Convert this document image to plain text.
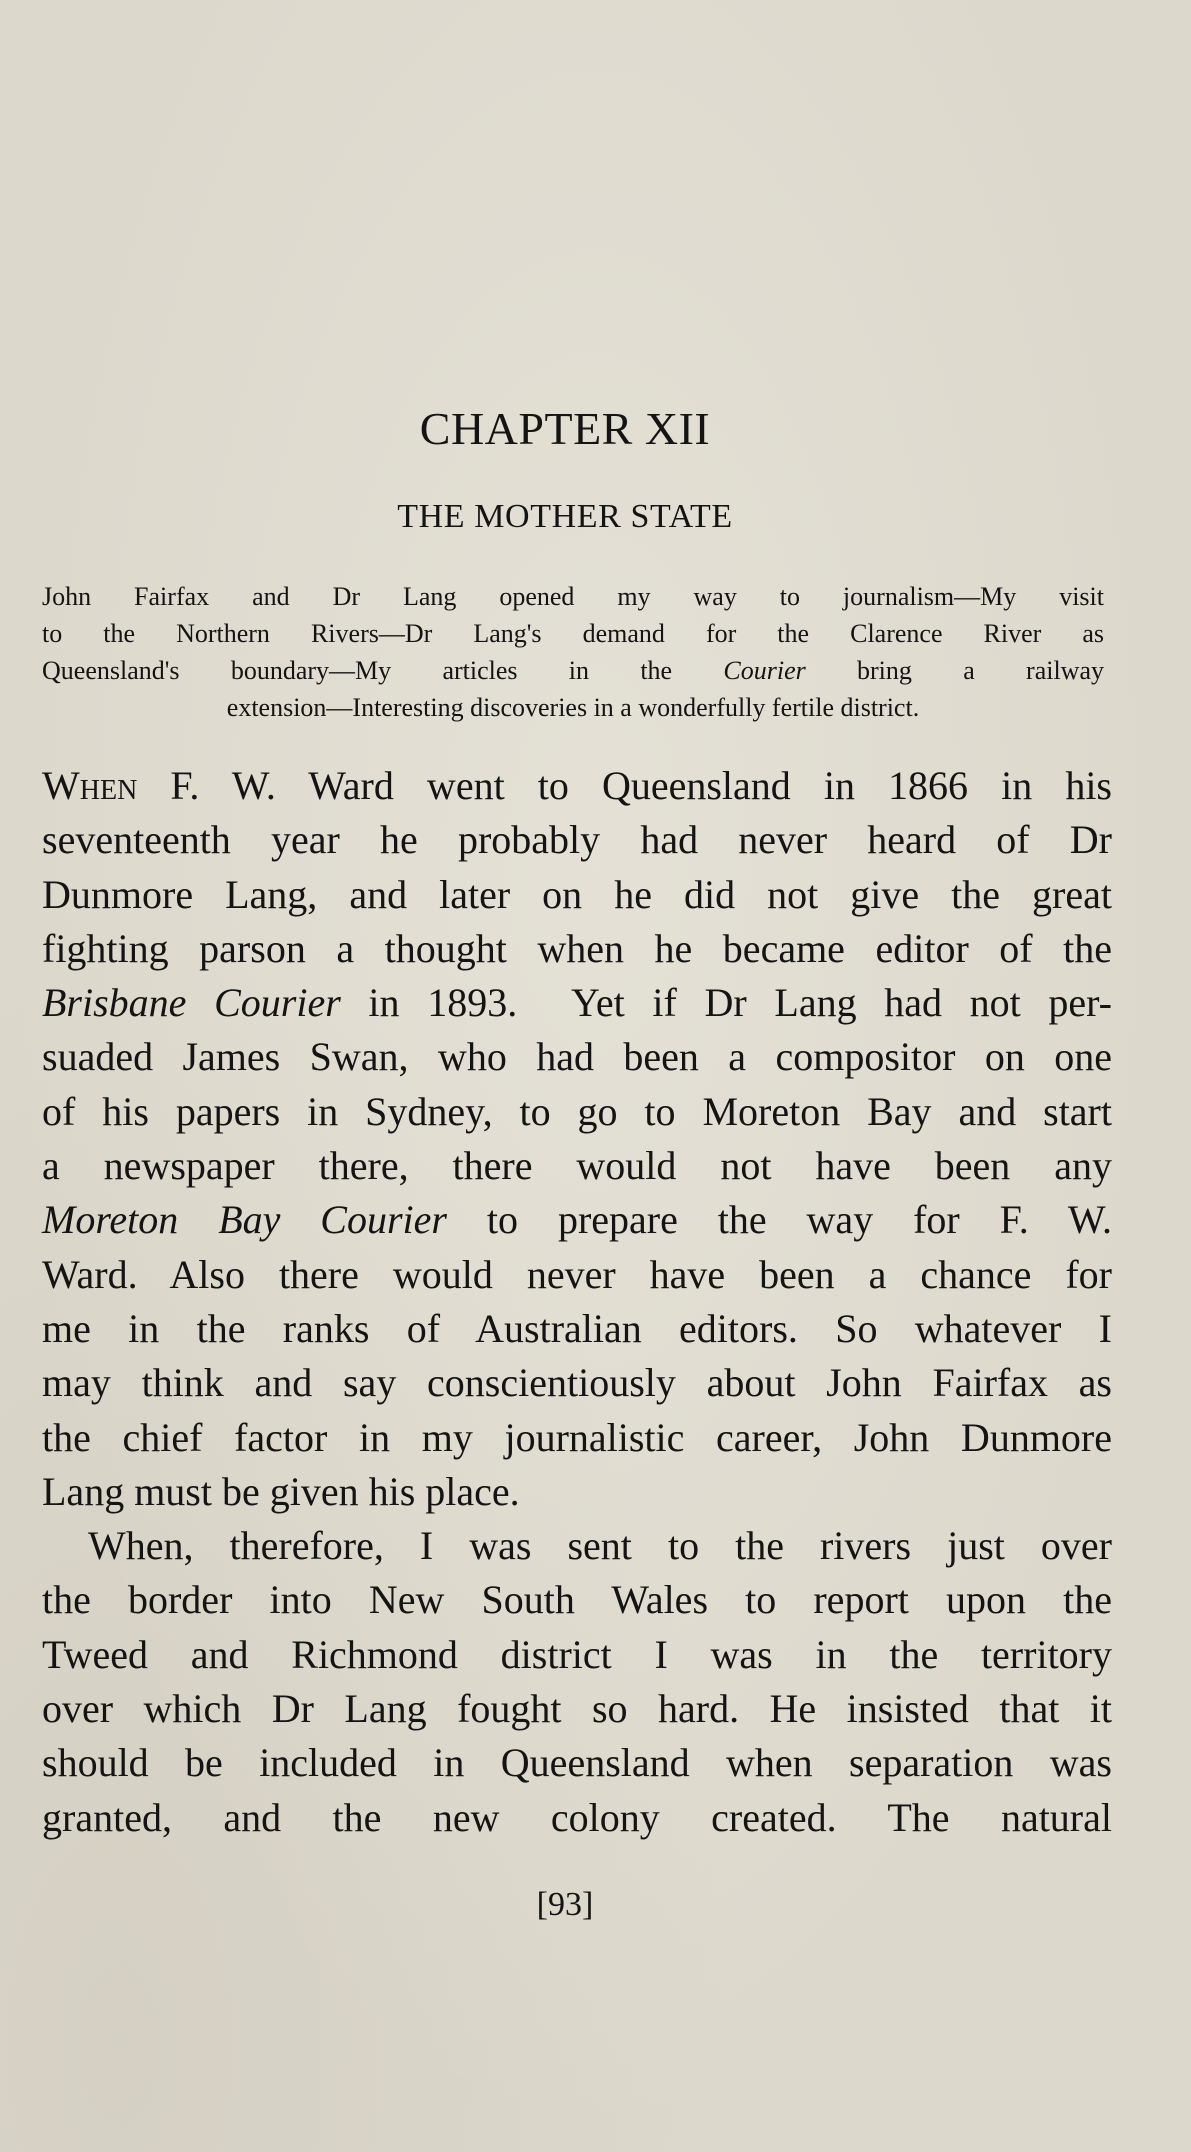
CHAPTER XII
THE MOTHER STATE
John Fairfax and Dr Lang opened my way to journalism—My visit
to the Northern Rivers—Dr Lang's demand for the Clarence River as
Queensland's boundary—My articles in the Courier bring a railway
extension—Interesting discoveries in a wonderfully fertile district.
When F. W. Ward went to Queensland in 1866 in his
seventeenth year he probably had never heard of Dr
Dunmore Lang, and later on he did not give the great
fighting parson a thought when he became editor of the
Brisbane Courier in 1893.  Yet if Dr Lang had not per-
suaded James Swan, who had been a compositor on one
of his papers in Sydney, to go to Moreton Bay and start
a newspaper there, there would not have been any
Moreton Bay Courier to prepare the way for F. W.
Ward. Also there would never have been a chance for
me in the ranks of Australian editors. So whatever I
may think and say conscientiously about John Fairfax as
the chief factor in my journalistic career, John Dunmore
Lang must be given his place.
When, therefore, I was sent to the rivers just over
the border into New South Wales to report upon the
Tweed and Richmond district I was in the territory
over which Dr Lang fought so hard. He insisted that it
should be included in Queensland when separation was
granted, and the new colony created. The natural
[93]
